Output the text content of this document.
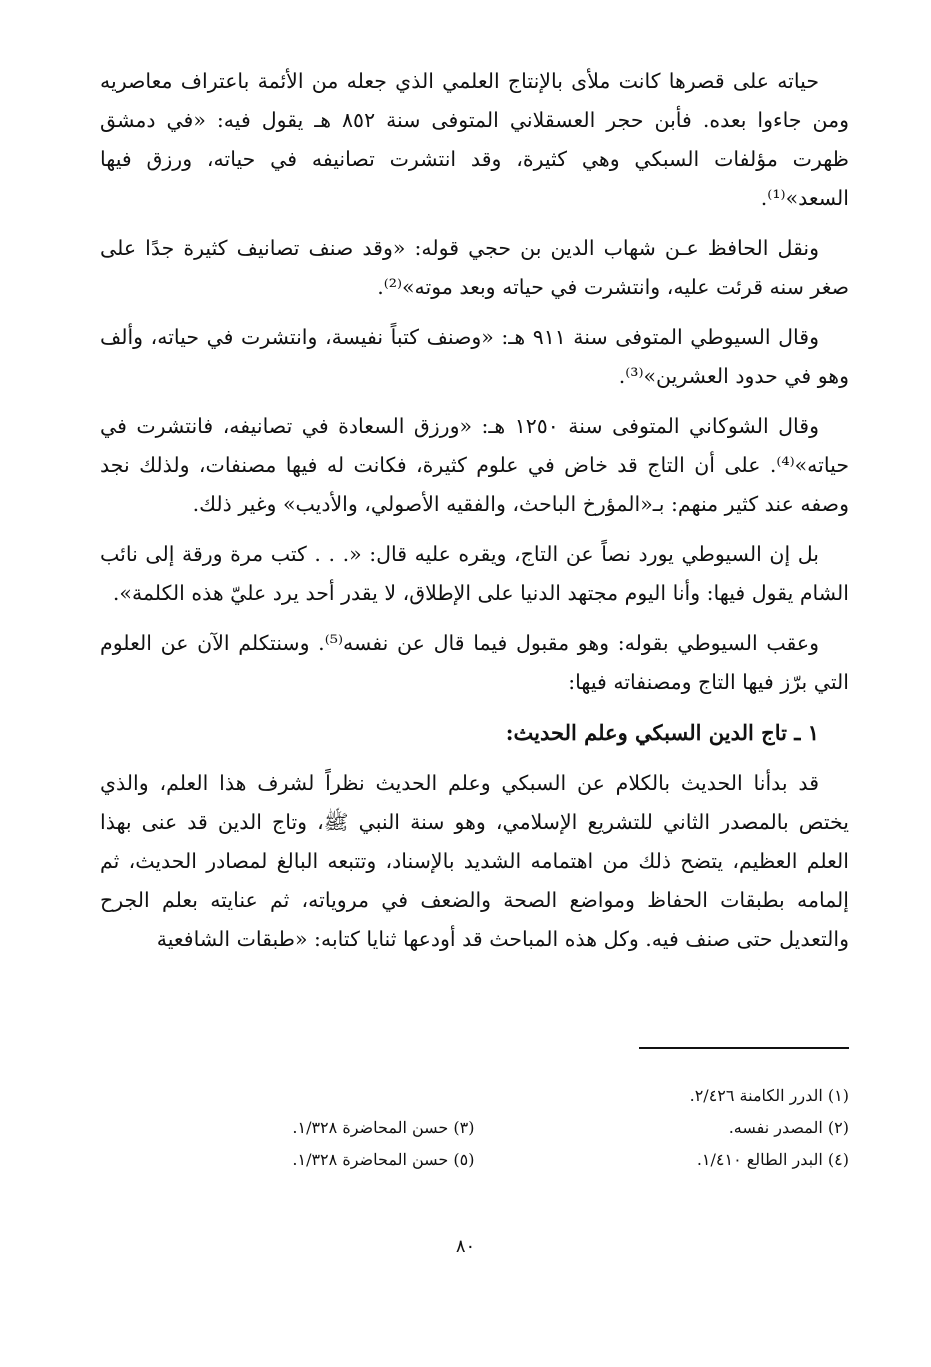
حياته على قصرها كانت ملأى بالإنتاج العلمي الذي جعله من الأئمة باعتراف معاصريه ومن جاءوا بعده. فأبن حجر العسقلاني المتوفى سنة ٨٥٢ هـ يقول فيه: «في دمشق ظهرت مؤلفات السبكي وهي كثيرة، وقد انتشرت تصانيفه في حياته، ورزق فيها السعد»⁽¹⁾.

ونقل الحافظ عـن شهاب الدين بن حجي قوله: «وقد صنف تصانيف كثيرة جدًا على صغر سنه قرئت عليه، وانتشرت في حياته وبعد موته»⁽²⁾.

وقال السيوطي المتوفى سنة ٩١١ هـ: «وصنف كتباً نفيسة، وانتشرت في حياته، وألف وهو في حدود العشرين»⁽³⁾.

وقال الشوكاني المتوفى سنة ١٢٥٠ هـ: «ورزق السعادة في تصانيفه، فانتشرت في حياته»⁽⁴⁾. على أن التاج قد خاض في علوم كثيرة، فكانت له فيها مصنفات، ولذلك نجد وصفه عند كثير منهم: بـ«المؤرخ الباحث، والفقيه الأصولي، والأديب» وغير ذلك.

بل إن السيوطي يورد نصاً عن التاج، ويقره عليه قال: «. . . كتب مرة ورقة إلى نائب الشام يقول فيها: وأنا اليوم مجتهد الدنيا على الإطلاق، لا يقدر أحد يرد عليّ هذه الكلمة».

وعقب السيوطي بقوله: وهو مقبول فيما قال عن نفسه⁽⁵⁾. وسنتكلم الآن عن العلوم التي برّز فيها التاج ومصنفاته فيها:

١ ـ تاج الدين السبكي وعلم الحديث:

قد بدأنا الحديث بالكلام عن السبكي وعلم الحديث نظراً لشرف هذا العلم، والذي يختص بالمصدر الثاني للتشريع الإسلامي، وهو سنة النبي ﷺ، وتاج الدين قد عنى بهذا العلم العظيم، يتضح ذلك من اهتمامه الشديد بالإسناد، وتتبعه البالغ لمصادر الحديث، ثم إلمامه بطبقات الحفاظ ومواضع الصحة والضعف في مروياته، ثم عنايته بعلم الجرح والتعديل حتى صنف فيه. وكل هذه المباحث قد أودعها ثنايا كتابه: «طبقات الشافعية

(١) الدرر الكامنة ٢/٤٢٦.
(٢) المصدر نفسه.
(٣) حسن المحاضرة ١/٣٢٨.
(٤) البدر الطالع ١/٤١٠.
(٥) حسن المحاضرة ١/٣٢٨.
٨٠
